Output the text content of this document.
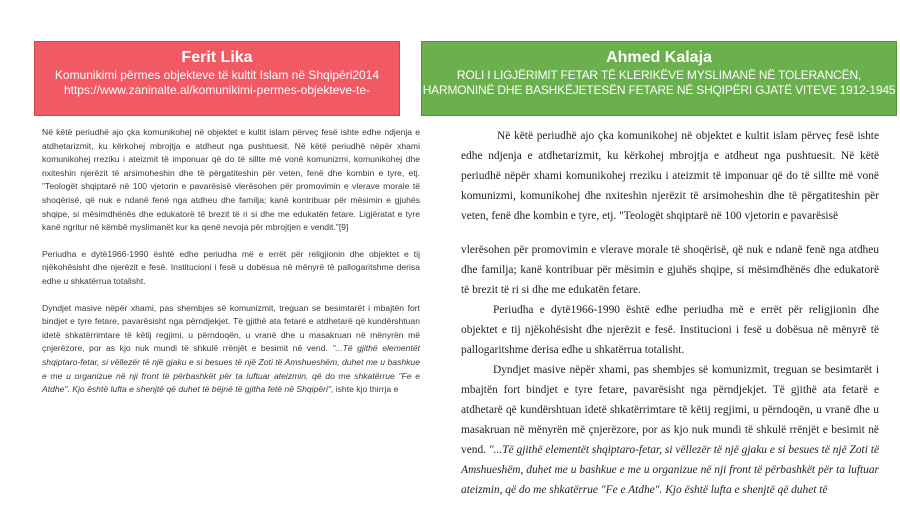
Ferit Lika
Komunikimi përmes objekteve të kultit Islam në Shqipëri2014
https://www.zaninalte.al/komunikimi-permes-objekteve-te-
Ahmed Kalaja
ROLI I LIGJËRIMIT FETAR TË KLERIKËVE MYSLIMANË NË TOLERANCËN,
HARMONINË DHE BASHKËJETESËN FETARE NË SHQIPËRI GJATË VITEVE 1912-1945

Në këtë periudhë ajo çka komunikohej në objektet e kultit islam përveç fesë ishte edhe ndjenja e atdhetarizmit, ku kërkohej mbrojtja e atdheut nga pushtuesit. Në këtë periudhë nëpër xhami komunikohej rreziku i ateizmit të imponuar që do të sillte më vonë komunizmi, komunikohej dhe nxiteshin njerëzit të arsimoheshin dhe të përgatiteshin për veten, fenë dhe kombin e tyre, etj. "Teologët shqiptarë në 100 vjetorin e pavarësisë vlerësohen për promovimin e vlerave morale të shoqërisë, që nuk e ndanë fenë nga atdheu dhe familja; kanë kontribuar për mësimin e gjuhës shqipe, si mësimdhënës dhe edukatorë të brezit të ri si dhe me edukatën fetare. Ligjëratat e tyre kanë ngritur në këmbë myslimanët kur ka qenë nevoja për mbrojtjen e vendit."[9]

Periudha e dytë1966-1990 është edhe periudha më e errët për religjionin dhe objektet e tij njëkohësisht dhe njerëzit e fesë. Institucioni i fesë u dobësua në mënyrë të pallogaritshme derisa edhe u shkatërrua totalisht.

Dyndjet masive nëpër xhami, pas shembjes së komunizmit, treguan se besimtarët i mbajtën fort bindjet e tyre fetare, pavarësisht nga përndjekjet. Të gjithë ata fetarë e atdhetarë që kundërshtuan idetë shkatërrimtare të këtij regjimi, u përndoqën, u vranë dhe u masakruan në mënyrën më çnjerëzore, por as kjo nuk mundi të shkulë rrënjët e besimit në vend. "...Të gjithë elementët shqiptaro-fetar, si vëllezër të një gjaku e si besues të një Zoti të Amshueshëm, duhet me u bashkue e me u organizue në nji front të përbashkët për ta luftuar ateizmin, që do me shkatërrue "Fe e Atdhe". Kjo është lufta e shenjtë që duhet të bëjnë të gjitha fetë në Shqipëri", ishte kjo thirrja e

Në këtë periudhë ajo çka komunikohej në objektet e kultit islam përveç fesë ishte edhe ndjenja e atdhetarizmit, ku kërkohej mbrojtja e atdheut nga pushtuesit. Në këtë periudhë nëpër xhami komunikohej rreziku i ateizmit të imponuar që do të sillte më vonë komunizmi, komunikohej dhe nxiteshin njerëzit të arsimoheshin dhe të përgatiteshin për veten, fenë dhe kombin e tyre, etj. "Teologët shqiptarë në 100 vjetorin e pavarësisë

vlerësohen për promovimin e vlerave morale të shoqërisë, që nuk e ndanë fenë nga atdheu dhe familja; kanë kontribuar për mësimin e gjuhës shqipe, si mësimdhënës dhe edukatorë të brezit të ri si dhe me edukatën fetare.

Periudha e dytë1966-1990 është edhe periudha më e errët për religjionin dhe objektet e tij njëkohësisht dhe njerëzit e fesë. Institucioni i fesë u dobësua në mënyrë të pallogaritshme derisa edhe u shkatërrua totalisht.

Dyndjet masive nëpër xhami, pas shembjes së komunizmit, treguan se besimtarët i mbajtën fort bindjet e tyre fetare, pavarësisht nga përndjekjet. Të gjithë ata fetarë e atdhetarë që kundërshtuan idetë shkatërrimtare të këtij regjimi, u përndoqën, u vranë dhe u masakruan në mënyrën më çnjerëzore, por as kjo nuk mundi të shkulë rrënjët e besimit në vend. "...Të gjithë elementët shqiptaro-fetar, si vëllezër të një gjaku e si besues të një Zoti të Amshueshëm, duhet me u bashkue e me u organizue në nji front të përbashkët për ta luftuar ateizmin, që do me shkatërrue "Fe e Atdhe". Kjo është lufta e shenjtë që duhet të
